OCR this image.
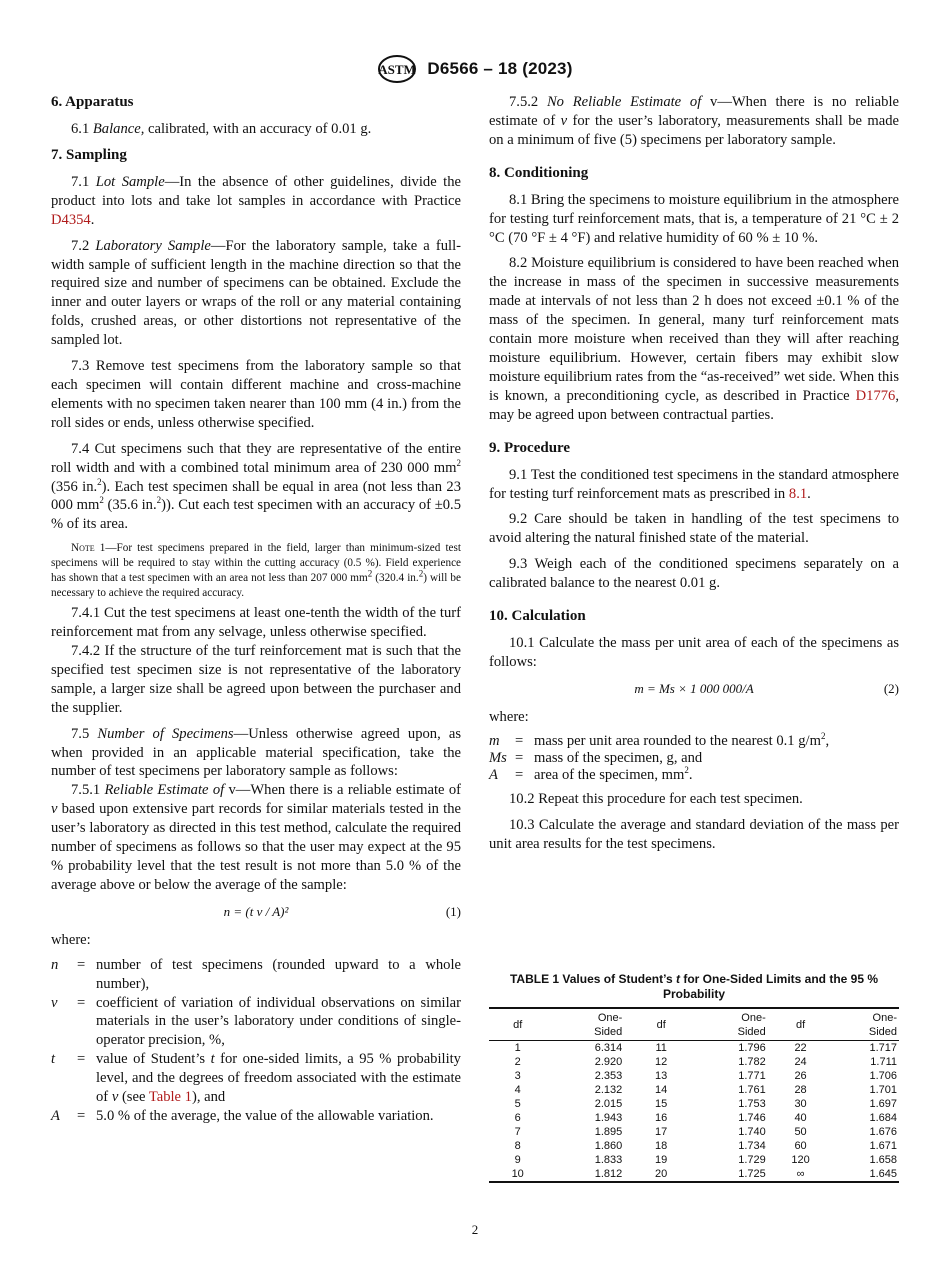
ASTM D6566 – 18 (2023)
6. Apparatus

6.1 Balance, calibrated, with an accuracy of 0.01 g.

7. Sampling

7.1 Lot Sample—In the absence of other guidelines, divide the product into lots and take lot samples in accordance with Practice D4354.

7.2 Laboratory Sample—For the laboratory sample, take a full-width sample of sufficient length in the machine direction so that the required size and number of specimens can be obtained. Exclude the inner and outer layers or wraps of the roll or any material containing folds, crushed areas, or other distortions not representative of the sampled lot.

7.3 Remove test specimens from the laboratory sample so that each specimen will contain different machine and cross-machine elements with no specimen taken nearer than 100 mm (4 in.) from the roll sides or ends, unless otherwise specified.

7.4 Cut specimens such that they are representative of the entire roll width and with a combined total minimum area of 230 000 $mm^2$ (356 in.$^2$). Each test specimen shall be equal in area (not less than 23 000 $mm^2$ (35.6 in.$^2$)). Cut each test specimen with an accuracy of ±0.5 % of its area.

Note 1—For test specimens prepared in the field, larger than minimum-sized test specimens will be required to stay within the cutting accuracy (0.5 %). Field experience has shown that a test specimen with an area not less than 207 000 $mm^2$ (320.4 in.$^2$) will be necessary to achieve the required accuracy.

7.4.1 Cut the test specimens at least one-tenth the width of the turf reinforcement mat from any selvage, unless otherwise specified.

7.4.2 If the structure of the turf reinforcement mat is such that the specified test specimen size is not representative of the laboratory sample, a larger size shall be agreed upon between the purchaser and the supplier.

7.5 Number of Specimens—Unless otherwise agreed upon, as when provided in an applicable material specification, take the number of test specimens per laboratory sample as follows:

7.5.1 Reliable Estimate of v—When there is a reliable estimate of v based upon extensive part records for similar materials tested in the user’s laboratory as directed in this test method, calculate the required number of specimens as follows so that the user may expect at the 95 % probability level that the test result is not more than 5.0 % of the average above or below the average of the sample:

n = (t v / A)²	(1)

where:

n	= number of test specimens (rounded upward to a whole number),
v	= coefficient of variation of individual observations on similar materials in the user’s laboratory under conditions of single-operator precision, %,
t	= value of Student’s t for one-sided limits, a 95 % probability level, and the degrees of freedom associated with the estimate of v (see Table 1), and
A	= 5.0 % of the average, the value of the allowable variation.

7.5.2 No Reliable Estimate of v—When there is no reliable estimate of v for the user’s laboratory, measurements shall be made on a minimum of five (5) specimens per laboratory sample.

8. Conditioning

8.1 Bring the specimens to moisture equilibrium in the atmosphere for testing turf reinforcement mats, that is, a temperature of 21 °C ± 2 °C (70 °F ± 4 °F) and relative humidity of 60 % ± 10 %.

8.2 Moisture equilibrium is considered to have been reached when the increase in mass of the specimen in successive measurements made at intervals of not less than 2 h does not exceed ±0.1 % of the mass of the specimen. In general, many turf reinforcement mats contain more moisture when received than they will after reaching moisture equilibrium. However, certain fibers may exhibit slow moisture equilibrium rates from the “as-received” wet side. When this is known, a preconditioning cycle, as described in Practice D1776, may be agreed upon between contractual parties.

9. Procedure

9.1 Test the conditioned test specimens in the standard atmosphere for testing turf reinforcement mats as prescribed in 8.1.

9.2 Care should be taken in handling of the test specimens to avoid altering the natural finished state of the material.

9.3 Weigh each of the conditioned specimens separately on a calibrated balance to the nearest 0.01 g.

10. Calculation

10.1 Calculate the mass per unit area of each of the specimens as follows:

m = Ms × 1 000 000/A	(2)

where:

m	= mass per unit area rounded to the nearest 0.1 $g/m^2$,
Ms = mass of the specimen, g, and
A	= area of the specimen, $mm^2$.

10.2 Repeat this procedure for each test specimen.

10.3 Calculate the average and standard deviation of the mass per unit area results for the test specimens.

TABLE 1 Values of Student’s t for One-Sided Limits and the 95 % Probability
df	One-
Sided	df	One-
Sided	df	One-
Sided
1	6.314	11	1.796	22	1.717
2	2.920	12	1.782	24	1.711
3	2.353	13	1.771	26	1.706
4	2.132	14	1.761	28	1.701
5	2.015	15	1.753	30	1.697
6	1.943	16	1.746	40	1.684
7	1.895	17	1.740	50	1.676
8	1.860	18	1.734	60	1.671
9	1.833	19	1.729	120	1.658
10	1.812	20	1.725	∞	1.645
2
